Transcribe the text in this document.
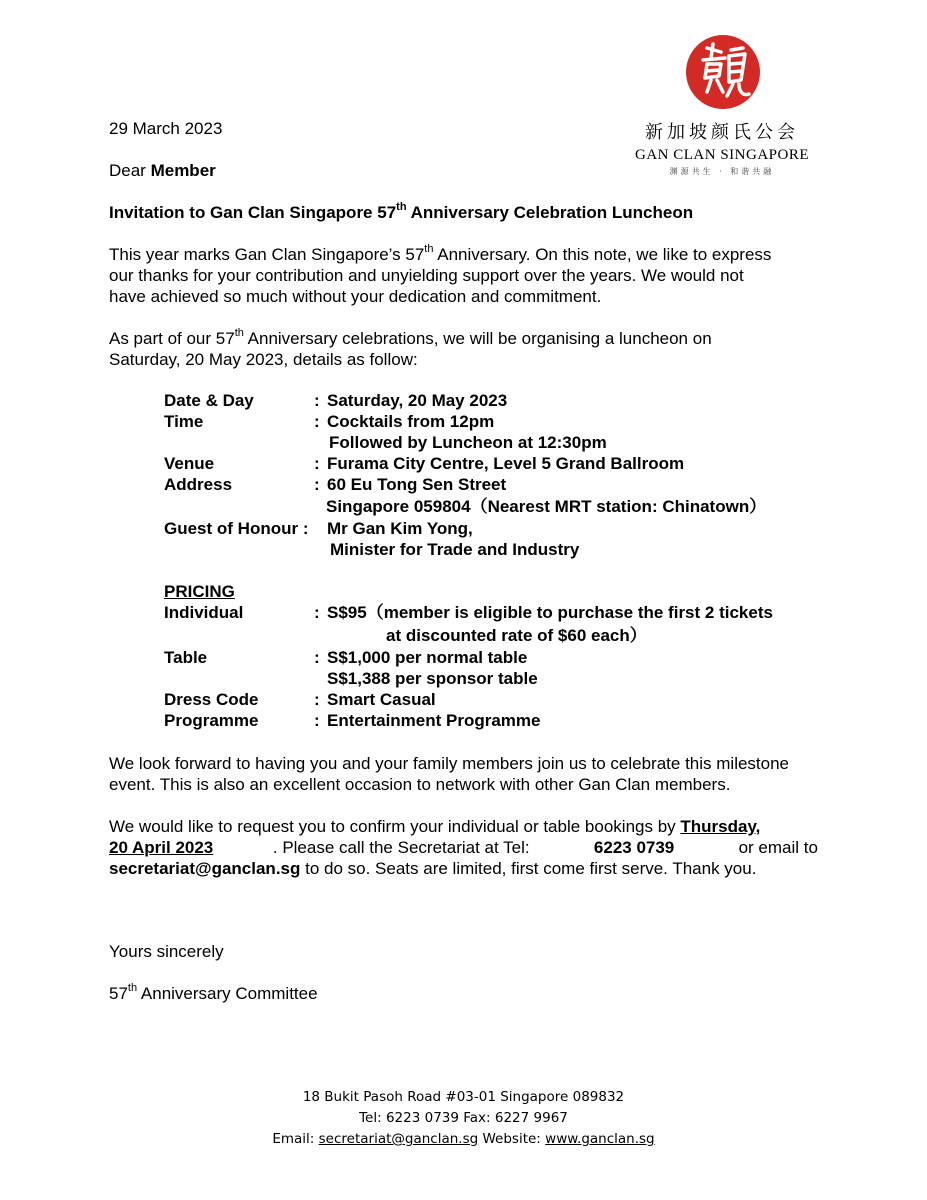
新加坡颜氏公会
GAN CLAN SINGAPORE
渊源共生 · 和谐共融
29 March 2023
Dear Member
Invitation to Gan Clan Singapore 57th Anniversary Celebration Luncheon
This year marks Gan Clan Singapore’s 57th Anniversary. On this note, we like to express
our thanks for your contribution and unyielding support over the years. We would not
have achieved so much without your dedication and commitment.
As part of our 57th Anniversary celebrations, we will be organising a luncheon on
Saturday, 20 May 2023, details as follow:
Date & Day	: Saturday, 20 May 2023
Time	: Cocktails from 12pm
Followed by Luncheon at 12:30pm
Venue	: Furama City Centre, Level 5 Grand Ballroom
Address	: 60 Eu Tong Sen Street
Singapore 059804（Nearest MRT station: Chinatown）
Guest of Honour : Mr Gan Kim Yong,
Minister for Trade and Industry
PRICING
Individual	: S$95（member is eligible to purchase the first 2 tickets
at discounted rate of $60 each）
Table	: S$1,000 per normal table
S$1,388 per sponsor table
Dress Code	: Smart Casual
Programme	: Entertainment Programme
We look forward to having you and your family members join us to celebrate this milestone
event. This is also an excellent occasion to network with other Gan Clan members.
We would like to request you to confirm your individual or table bookings by Thursday,
20 April 2023	. Please call the Secretariat at Tel:	6223 0739	or email to
secretariat@ganclan.sg to do so. Seats are limited, first come first serve. Thank you.
Yours sincerely
57th Anniversary Committee
18 Bukit Pasoh Road #03-01 Singapore 089832
Tel: 6223 0739 Fax: 6227 9967
Email: secretariat@ganclan.sg Website: www.ganclan.sg
